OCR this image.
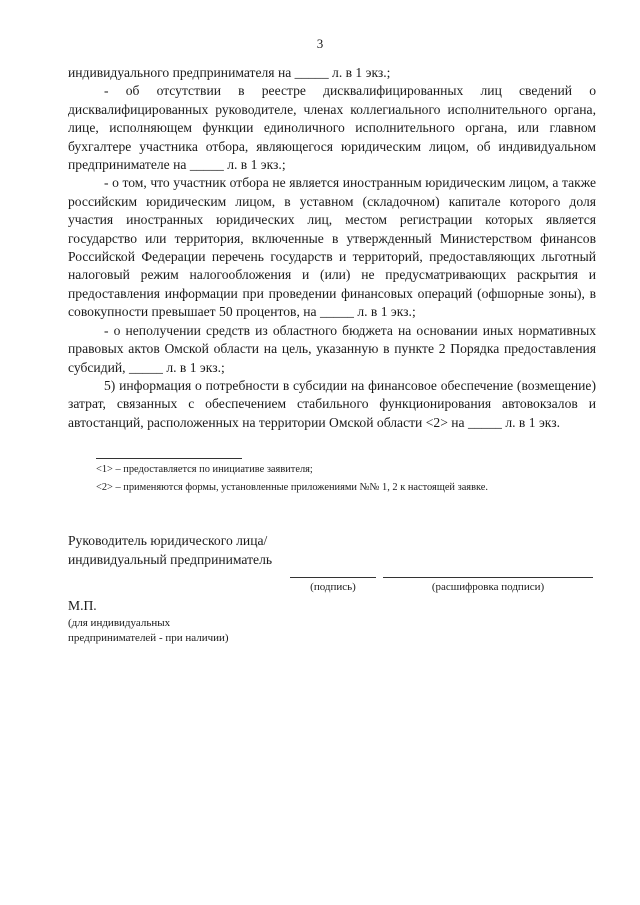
3

индивидуального предпринимателя на _____ л. в 1 экз.;

- об отсутствии в реестре дисквалифицированных лиц сведений о дисквалифицированных руководителе, членах коллегиального исполнительного органа, лице, исполняющем функции единоличного исполнительного органа, или главном бухгалтере участника отбора, являющегося юридическим лицом, об индивидуальном предпринимателе на _____ л. в 1 экз.;

- о том, что участник отбора не является иностранным юридическим лицом, а также российским юридическим лицом, в уставном (складочном) капитале которого доля участия иностранных юридических лиц, местом регистрации которых является государство или территория, включенные в утвержденный Министерством финансов Российской Федерации перечень государств и территорий, предоставляющих льготный налоговый режим налогообложения и (или) не предусматривающих раскрытия и предоставления информации при проведении финансовых операций (офшорные зоны), в совокупности превышает 50 процентов, на _____ л. в 1 экз.;

- о неполучении средств из областного бюджета на основании иных нормативных правовых актов Омской области на цель, указанную в пункте 2 Порядка предоставления субсидий, _____ л. в 1 экз.;

5) информация о потребности в субсидии на финансовое обеспечение (возмещение) затрат, связанных с обеспечением стабильного функционирования автовокзалов и автостанций, расположенных на территории Омской области <2> на _____ л. в 1 экз.

<1> – предоставляется по инициативе заявителя;
<2> – применяются формы, установленные приложениями №№ 1, 2 к настоящей заявке.
Руководитель юридического лица/
индивидуальный предприниматель
(подпись)	(расшифровка подписи)
М.П.
(для индивидуальных
предпринимателей - при наличии)
